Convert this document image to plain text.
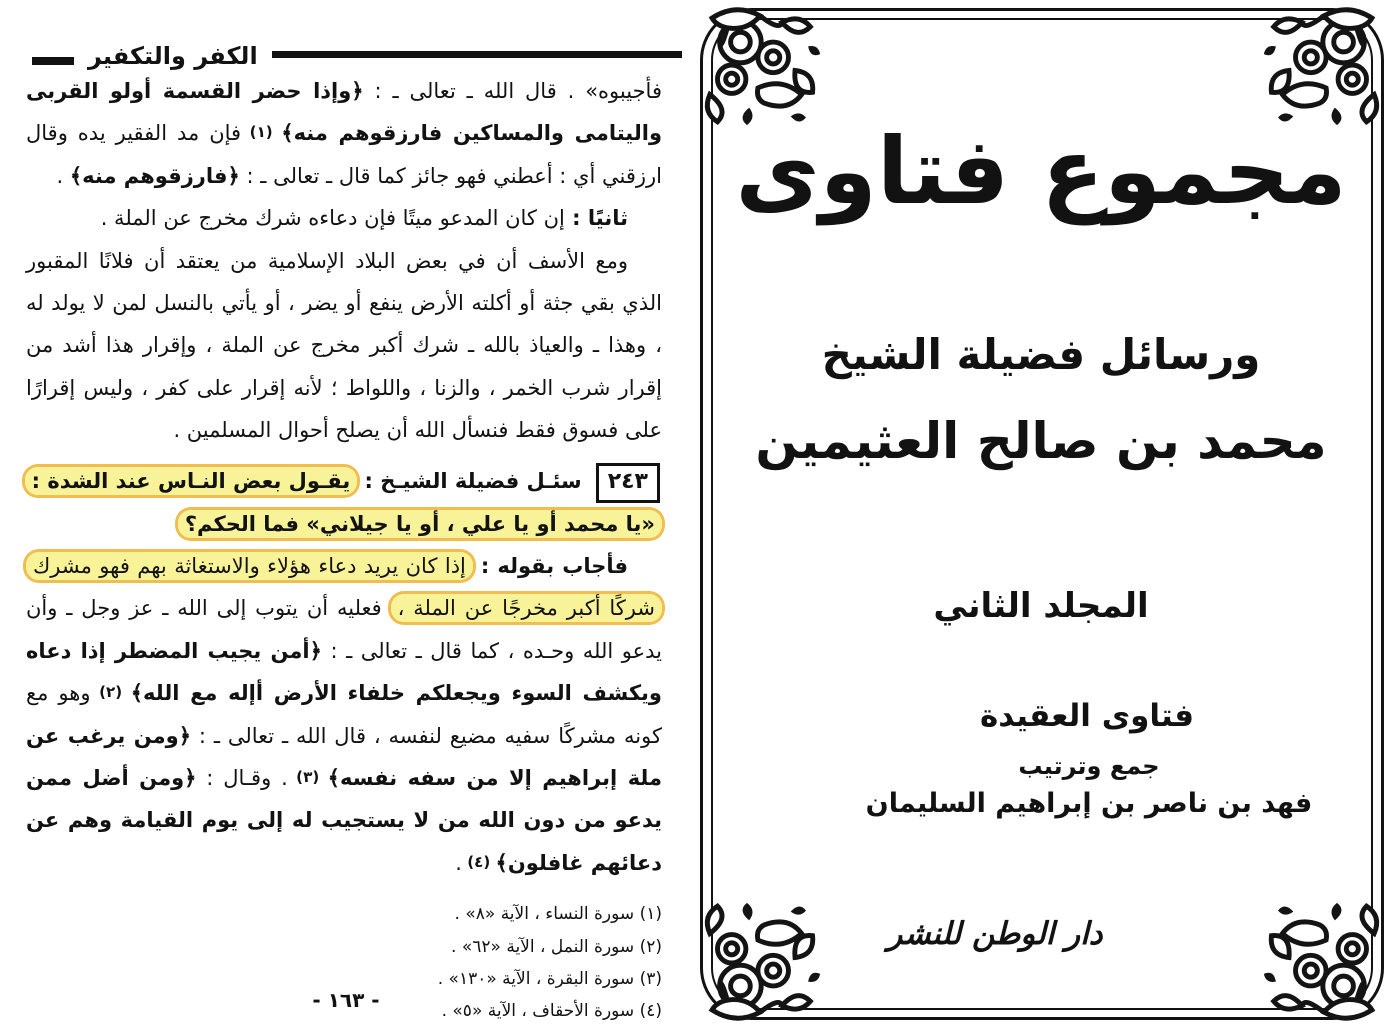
الكفر والتكفير

فأجيبوه» . قال الله ـ تعالى ـ : ﴿وإذا حضر القسمة أولو القربى واليتامى والمساكين فارزقوهم منه﴾ (١) فإن مد الفقير يده وقال ارزقني أي : أعطني فهو جائز كما قال ـ تعالى ـ : ﴿فارزقوهم منه﴾ .

ثانيًا : إن كان المدعو ميتًا فإن دعاءه شرك مخرج عن الملة .

ومع الأسف أن في بعض البلاد الإسلامية من يعتقد أن فلانًا المقبور الذي بقي جثة أو أكلته الأرض ينفع أو يضر ، أو يأتي بالنسل لمن لا يولد له ، وهذا ـ والعياذ بالله ـ شرك أكبر مخرج عن الملة ، وإقرار هذا أشد من إقرار شرب الخمر ، والزنا ، واللواط ؛ لأنه إقرار على كفر ، وليس إقرارًا على فسوق فقط فنسأل الله أن يصلح أحوال المسلمين .

٢٤٣سئـل فضيلة الشيـخ : يقـول بعض النـاس عند الشدة : «يا محمد أو يا علي ، أو يا جيلاني» فما الحكم؟

فأجاب بقوله : إذا كان يريد دعاء هؤلاء والاستغاثة بهم فهو مشرك شركًا أكبر مخرجًا عن الملة ، فعليه أن يتوب إلى الله ـ عز وجل ـ وأن يدعو الله وحـده ، كما قال ـ تعالى ـ : ﴿أمن يجيب المضطر إذا دعاه ويكشف السوء ويجعلكم خلفاء الأرض أإله مع الله﴾ (٢) وهو مع كونه مشركًا سفيه مضيع لنفسه ، قال الله ـ تعالى ـ : ﴿ومن يرغب عن ملة إبراهيم إلا من سفه نفسه﴾ (٣) . وقـال : ﴿ومن أضل ممن يدعو من دون الله من لا يستجيب له إلى يوم القيامة وهم عن دعائهم غافلون﴾ (٤) .

(١) سورة النساء ، الآية «٨» .

(٢) سورة النمل ، الآية «٦٢» .

(٣) سورة البقرة ، الآية «١٣٠» .

(٤) سورة الأحقاف ، الآية «٥» .

- ١٦٣ -
مجموع فتاوى
ورسائل فضيلة الشيخ
محمد بن صالح العثيمين
المجلد الثاني
فتاوى العقيدة
جمع وترتيب
فهد بن ناصر بن إبراهيم السليمان
دار الوطن للنشر
